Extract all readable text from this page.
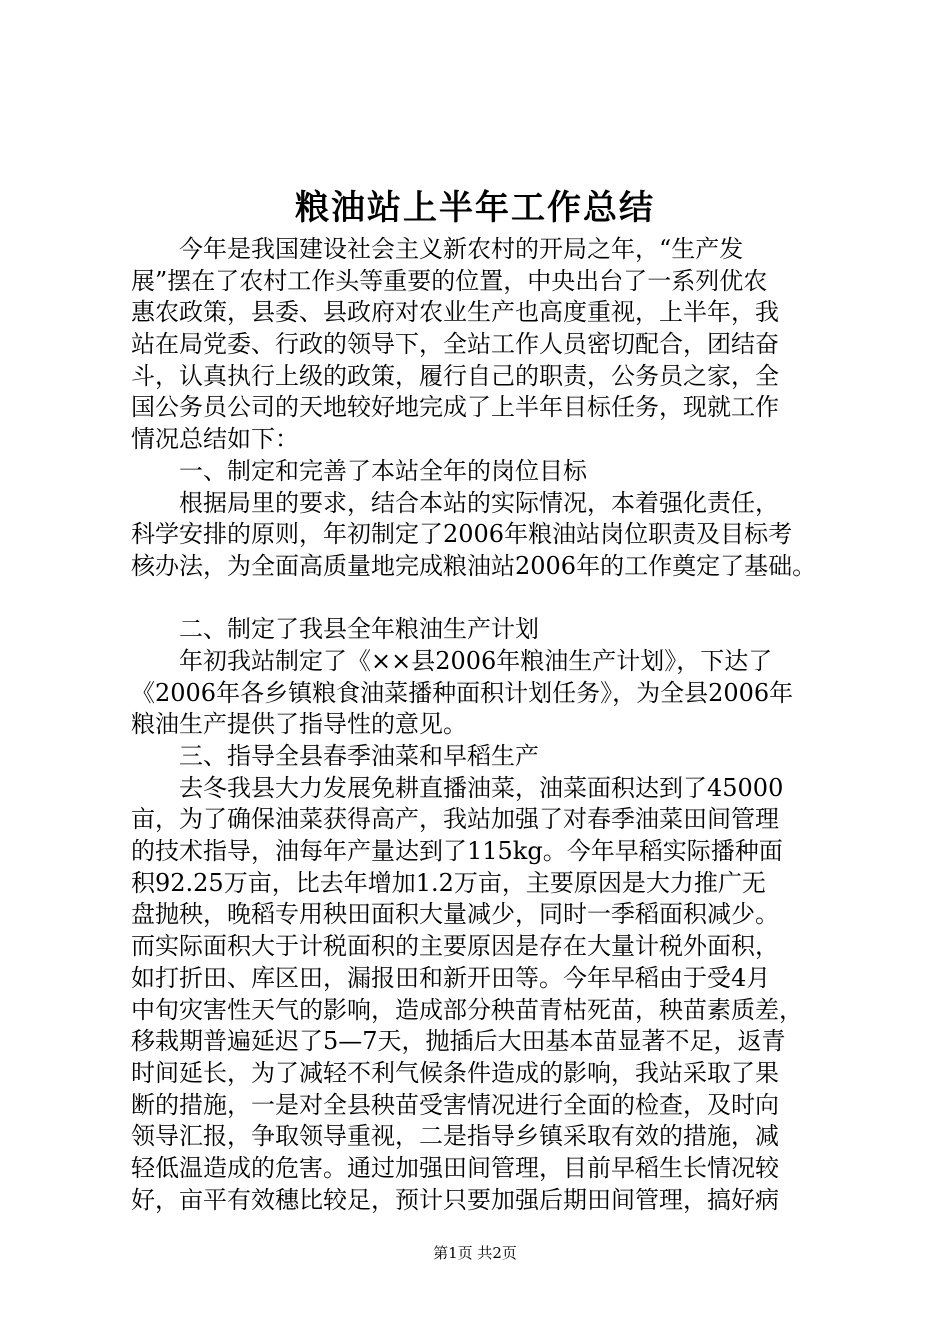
粮油站上半年工作总结
今年是我国建设社会主义新农村的开局之年，“生产发
展”摆在了农村工作头等重要的位置，中央出台了一系列优农
惠农政策，县委、县政府对农业生产也高度重视，上半年，我
站在局党委、行政的领导下，全站工作人员密切配合，团结奋
斗，认真执行上级的政策，履行自己的职责，公务员之家，全
国公务员公司的天地较好地完成了上半年目标任务，现就工作
情况总结如下：
一、制定和完善了本站全年的岗位目标
根据局里的要求，结合本站的实际情况，本着强化责任，
科学安排的原则，年初制定了2006年粮油站岗位职责及目标考
核办法，为全面高质量地完成粮油站2006年的工作奠定了基础。
二、制定了我县全年粮油生产计划
年初我站制定了《××县2006年粮油生产计划》，下达了
《2006年各乡镇粮食油菜播种面积计划任务》，为全县2006年
粮油生产提供了指导性的意见。
三、指导全县春季油菜和早稻生产
去冬我县大力发展免耕直播油菜，油菜面积达到了45000
亩，为了确保油菜获得高产，我站加强了对春季油菜田间管理
的技术指导，油每年产量达到了115kg。今年早稻实际播种面
积92.25万亩，比去年增加1.2万亩，主要原因是大力推广无
盘抛秧，晚稻专用秧田面积大量减少，同时一季稻面积减少。
而实际面积大于计税面积的主要原因是存在大量计税外面积，
如打折田、库区田，漏报田和新开田等。今年早稻由于受4月
中旬灾害性天气的影响，造成部分秧苗青枯死苗，秧苗素质差，
移栽期普遍延迟了5—7天，抛插后大田基本苗显著不足，返青
时间延长，为了减轻不利气候条件造成的影响，我站采取了果
断的措施，一是对全县秧苗受害情况进行全面的检查，及时向
领导汇报，争取领导重视，二是指导乡镇采取有效的措施，减
轻低温造成的危害。通过加强田间管理，目前早稻生长情况较
好，亩平有效穗比较足，预计只要加强后期田间管理，搞好病
第1页 共2页
